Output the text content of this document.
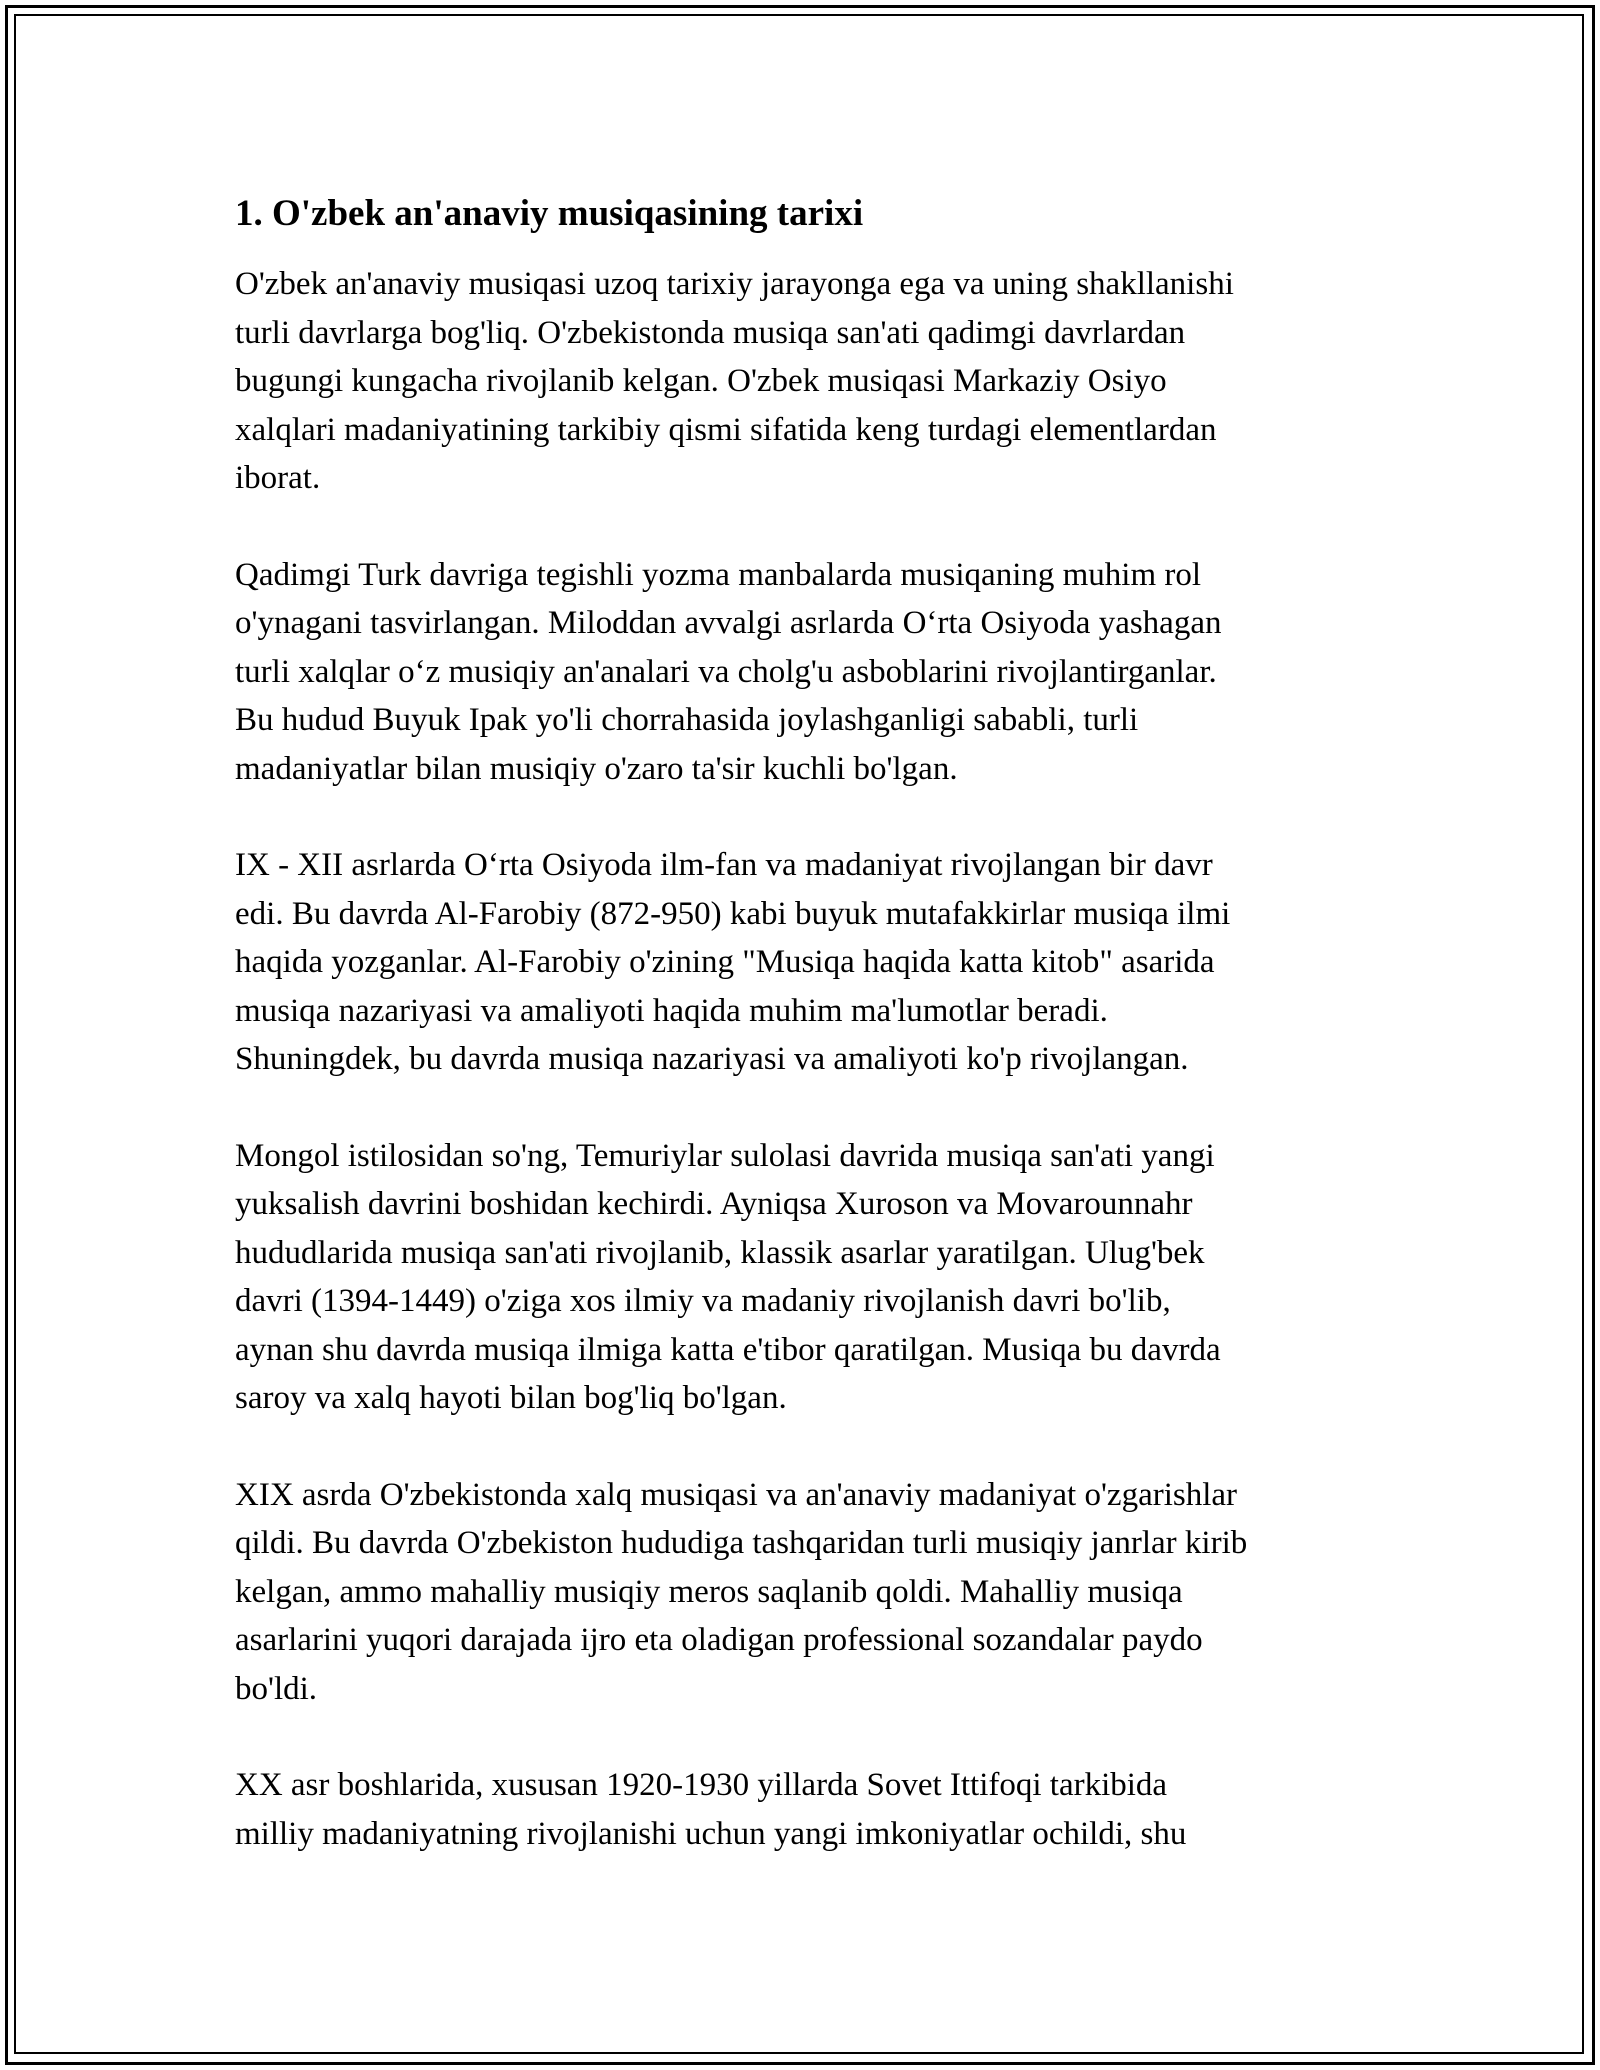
1. O'zbek an'anaviy musiqasining tarixi

O'zbek an'anaviy musiqasi uzoq tarixiy jarayonga ega va uning shakllanishi
turli davrlarga bog'liq. O'zbekistonda musiqa san'ati qadimgi davrlardan
bugungi kungacha rivojlanib kelgan. O'zbek musiqasi Markaziy Osiyo
xalqlari madaniyatining tarkibiy qismi sifatida keng turdagi elementlardan
iborat.

Qadimgi Turk davriga tegishli yozma manbalarda musiqaning muhim rol
o'ynagani tasvirlangan. Miloddan avvalgi asrlarda O‘rta Osiyoda yashagan
turli xalqlar o‘z musiqiy an'analari va cholg'u asboblarini rivojlantirganlar.
Bu hudud Buyuk Ipak yo'li chorrahasida joylashganligi sababli, turli
madaniyatlar bilan musiqiy o'zaro ta'sir kuchli bo'lgan.

IX - XII asrlarda O‘rta Osiyoda ilm-fan va madaniyat rivojlangan bir davr
edi. Bu davrda Al-Farobiy (872-950) kabi buyuk mutafakkirlar musiqa ilmi
haqida yozganlar. Al-Farobiy o'zining "Musiqa haqida katta kitob" asarida
musiqa nazariyasi va amaliyoti haqida muhim ma'lumotlar beradi.
Shuningdek, bu davrda musiqa nazariyasi va amaliyoti ko'p rivojlangan.

Mongol istilosidan so'ng, Temuriylar sulolasi davrida musiqa san'ati yangi
yuksalish davrini boshidan kechirdi. Ayniqsa Xuroson va Movarounnahr
hududlarida musiqa san'ati rivojlanib, klassik asarlar yaratilgan. Ulug'bek
davri (1394-1449) o'ziga xos ilmiy va madaniy rivojlanish davri bo'lib,
aynan shu davrda musiqa ilmiga katta e'tibor qaratilgan. Musiqa bu davrda
saroy va xalq hayoti bilan bog'liq bo'lgan.

XIX asrda O'zbekistonda xalq musiqasi va an'anaviy madaniyat o'zgarishlar
qildi. Bu davrda O'zbekiston hududiga tashqaridan turli musiqiy janrlar kirib
kelgan, ammo mahalliy musiqiy meros saqlanib qoldi. Mahalliy musiqa
asarlarini yuqori darajada ijro eta oladigan professional sozandalar paydo
bo'ldi.

XX asr boshlarida, xususan 1920-1930 yillarda Sovet Ittifoqi tarkibida
milliy madaniyatning rivojlanishi uchun yangi imkoniyatlar ochildi, shu
